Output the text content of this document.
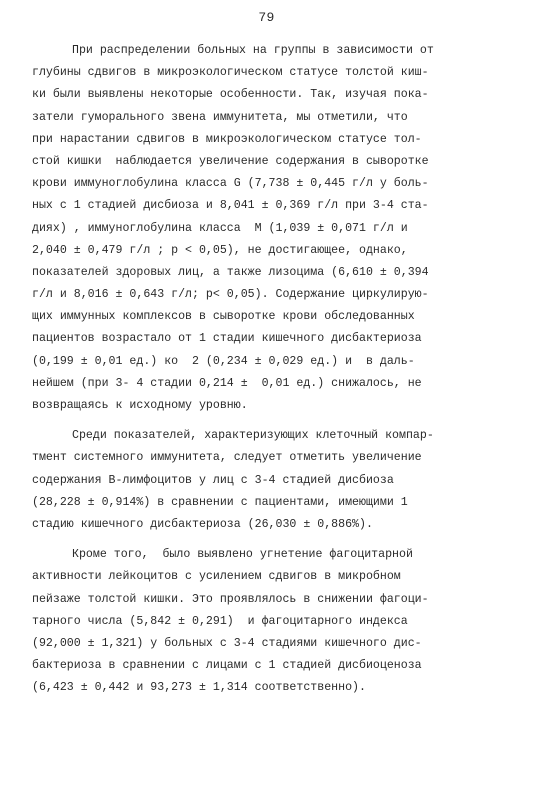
79
При распределении больных на группы в зависимости от
глубины сдвигов в микроэкологическом статусе толстой киш-
ки были выявлены некоторые особенности. Так, изучая пока-
затели гуморального звена иммунитета, мы отметили, что
при нарастании сдвигов в микроэкологическом статусе тол-
стой кишки  наблюдается увеличение содержания в сыворотке
крови иммуноглобулина класса G (7,738 ± 0,445 г/л у боль-
ных с 1 стадией дисбиоза и 8,041 ± 0,369 г/л при 3-4 ста-
диях) , иммуноглобулина класса  М (1,039 ± 0,071 г/л и
2,040 ± 0,479 г/л ; р < 0,05), не достигающее, однако,
показателей здоровых лиц, а также лизоцима (6,610 ± 0,394
г/л и 8,016 ± 0,643 г/л; р< 0,05). Содержание циркулирую-
щих иммунных комплексов в сыворотке крови обследованных
пациентов возрастало от 1 стадии кишечного дисбактериоза
(0,199 ± 0,01 ед.) ко  2 (0,234 ± 0,029 ед.) и  в даль-
нейшем (при 3- 4 стадии 0,214 ±  0,01 ед.) снижалось, не
возвращаясь к исходному уровню.
Среди показателей, характеризующих клеточный компар-
тмент системного иммунитета, следует отметить увеличение
содержания В-лимфоцитов у лиц с 3-4 стадией дисбиоза
(28,228 ± 0,914%) в сравнении с пациентами, имеющими 1
стадию кишечного дисбактериоза (26,030 ± 0,886%).
Кроме того,  было выявлено угнетение фагоцитарной
активности лейкоцитов с усилением сдвигов в микробном
пейзаже толстой кишки. Это проявлялось в снижении фагоци-
тарного числа (5,842 ± 0,291)  и фагоцитарного индекса
(92,000 ± 1,321) у больных с 3-4 стадиями кишечного дис-
бактериоза в сравнении с лицами с 1 стадией дисбиоценоза
(6,423 ± 0,442 и 93,273 ± 1,314 соответственно).
